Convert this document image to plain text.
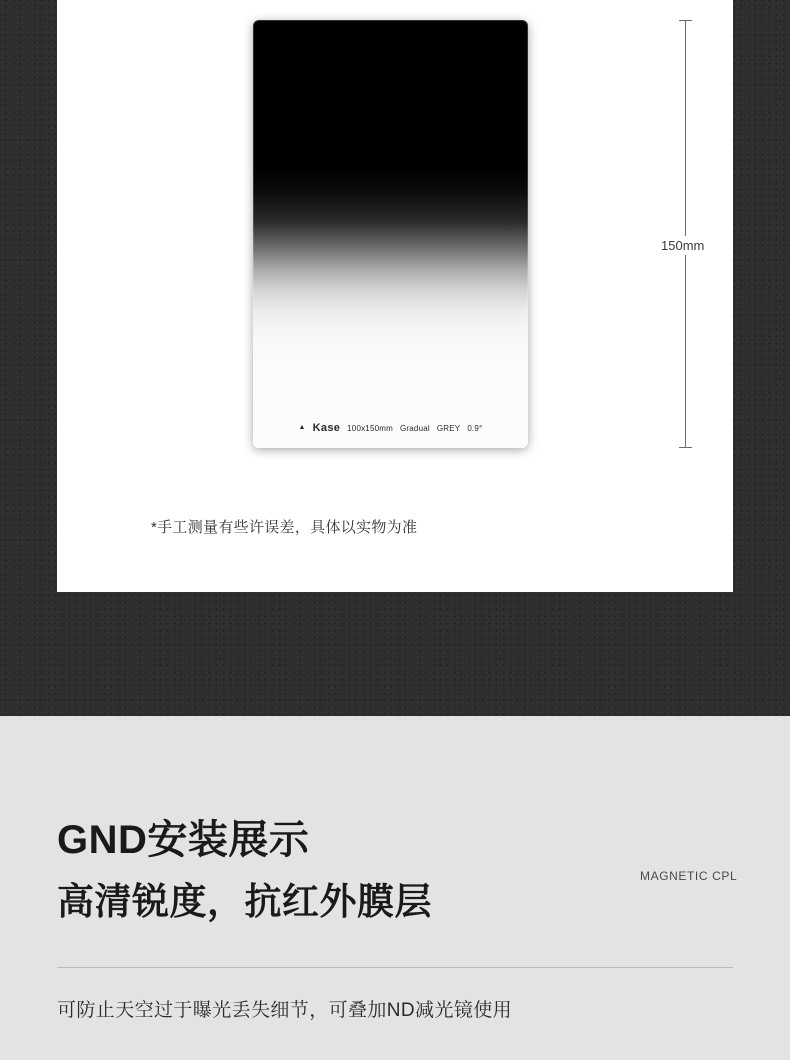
▲ Kase 100x150mm Gradual GREY 0.9°
150mm
*手工测量有些许误差，具体以实物为准
GND安装展示
高清锐度，抗红外膜层
MAGNETIC CPL
可防止天空过于曝光丢失细节，可叠加ND减光镜使用
